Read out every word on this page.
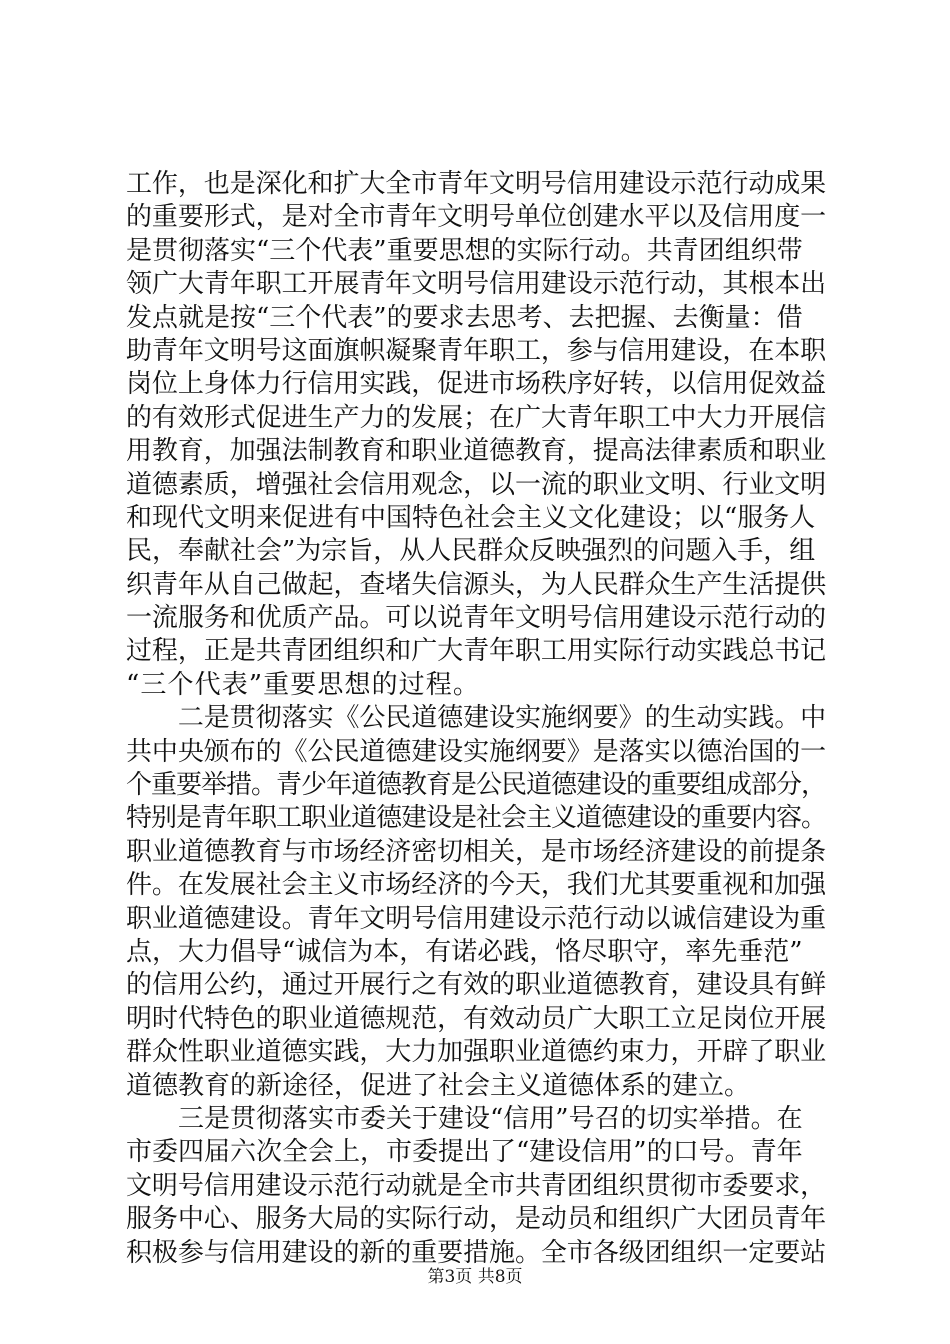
工作，也是深化和扩大全市青年文明号信用建设示范行动成果
的重要形式，是对全市青年文明号单位创建水平以及信用度一
是贯彻落实“三个代表”重要思想的实际行动。共青团组织带
领广大青年职工开展青年文明号信用建设示范行动，其根本出
发点就是按“三个代表”的要求去思考、去把握、去衡量：借
助青年文明号这面旗帜凝聚青年职工，参与信用建设，在本职
岗位上身体力行信用实践，促进市场秩序好转，以信用促效益
的有效形式促进生产力的发展；在广大青年职工中大力开展信
用教育，加强法制教育和职业道德教育，提高法律素质和职业
道德素质，增强社会信用观念，以一流的职业文明、行业文明
和现代文明来促进有中国特色社会主义文化建设；以“服务人
民，奉献社会”为宗旨，从人民群众反映强烈的问题入手，组
织青年从自己做起，查堵失信源头，为人民群众生产生活提供
一流服务和优质产品。可以说青年文明号信用建设示范行动的
过程，正是共青团组织和广大青年职工用实际行动实践总书记
“三个代表”重要思想的过程。
　　二是贯彻落实《公民道德建设实施纲要》的生动实践。中
共中央颁布的《公民道德建设实施纲要》是落实以德治国的一
个重要举措。青少年道德教育是公民道德建设的重要组成部分，
特别是青年职工职业道德建设是社会主义道德建设的重要内容。
职业道德教育与市场经济密切相关，是市场经济建设的前提条
件。在发展社会主义市场经济的今天，我们尤其要重视和加强
职业道德建设。青年文明号信用建设示范行动以诚信建设为重
点，大力倡导“诚信为本，有诺必践，恪尽职守，率先垂范”
的信用公约，通过开展行之有效的职业道德教育，建设具有鲜
明时代特色的职业道德规范，有效动员广大职工立足岗位开展
群众性职业道德实践，大力加强职业道德约束力，开辟了职业
道德教育的新途径，促进了社会主义道德体系的建立。
　　三是贯彻落实市委关于建设“信用”号召的切实举措。在
市委四届六次全会上，市委提出了“建设信用”的口号。青年
文明号信用建设示范行动就是全市共青团组织贯彻市委要求，
服务中心、服务大局的实际行动，是动员和组织广大团员青年
积极参与信用建设的新的重要措施。全市各级团组织一定要站
第3页 共8页
